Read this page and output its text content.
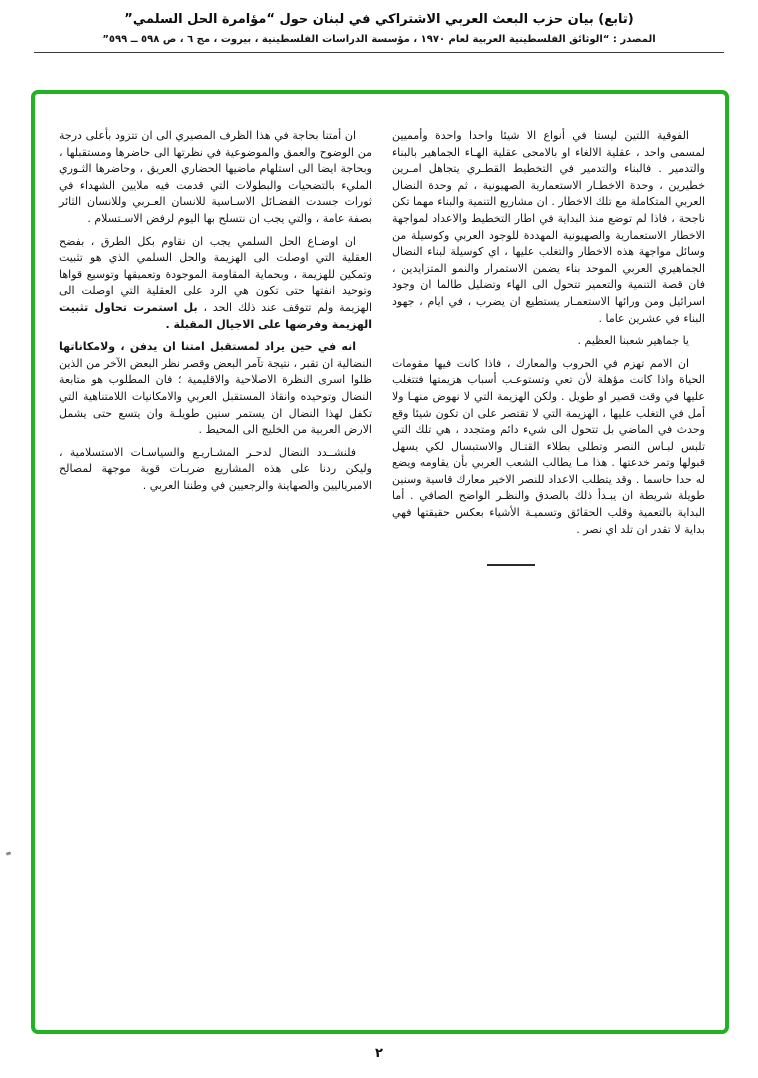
(تابع) بيان حزب البعث العربي الاشتراكي في لبنان حول “مؤامرة الحل السلمي”
المصدر : “الوثائق الفلسطينية العربية لعام ١٩٧٠ ، مؤسسة الدراسات الفلسطينية ، بيروت ، مج ٦ ، ص ٥٩٨ ــ ٥٩٩”

الفوقية اللتين ليستا في أنواع الا شيئا واحدا واحدة وأمميين لمسمى واحد ، عقلية الالغاء او بالامحى عقلية الهـاء الجماهير بالبناء والتدمير . فالبناء والتدمير في التخطيط القطـري يتجاهل امـرين خطيرين ، وحدة الاخطـار الاستعمارية الصهيونية ، ثم وحدة النضال العربي المتكاملة مع تلك الاخطار . ان مشاريع التنمية والبناء مهما تكن ناجحة ، فاذا لم توضع منذ البداية في اطار التخطيط والاعداد لمواجهة الاخطار الاستعمارية والصهيونية المهددة للوجود العربي وكوسيلة من وسائل مواجهة هذه الاخطار والتغلب عليها ، اي كوسيلة لبناء النضال الجماهيري العربي الموحد بناء يضمن الاستمرار والنمو المتزايدين ، فان قصة التنمية والتعمير تتحول الى الهاء وتضليل طالما ان وجود اسرائيل ومن ورائها الاستعمـار يستطيع ان يضرب ، في ايام ، جهود البناء في عشرين عاما .

يا جماهير شعبنا العظيم .

ان الامم تهزم في الحروب والمعارك ، فاذا كانت فيها مقومات الحياة واذا كانت مؤهلة لأن تعي وتستوعـب أسباب هزيمتها فتتغلب عليها في وقت قصير او طويل . ولكن الهزيمة التي لا نهوض منهـا ولا أمل في التغلب عليها ، الهزيمة التي لا تقتصر على ان تكون شيئا وقع وحدث في الماضي بل تتحول الى شيء دائم ومتجدد ، هي تلك التي تلبس لبـاس النصر وتطلى بطلاء القتـال والاستبسال لكي يسهل قبولها وتمر خدعتها . هذا مـا يطالب الشعب العربي بأن يقاومه ويضع له حدا حاسما . وقد يتطلب الاعداد للنصر الاخير معارك قاسية وسنين طويلة شريطة ان يبـدأ ذلك بالصدق والنظـر الواضح الصافي . أما البداية بالتعمية وقلب الحقائق وتسميـة الأشياء بعكس حقيقتها فهي بداية لا تقدر ان تلد اي نصر .

ان أمتنا بحاجة في هذا الظرف المصيري الى ان تتزود بأعلى درجة من الوضوح والعمق والموضوعية في نظرتها الى حاضرها ومستقبلها ، وبحاجة ايضا الى استلهام ماضيها الحضاري العريق ، وحاضرها الثـوري المليء بالتضحيات والبطولات التي قدمت فيه ملايين الشهداء في ثورات جسدت الفضـائل الاسـاسية للانسان العـربي وللانسان الثائر بصفة عامة ، والتي يجب ان نتسلح بها اليوم لرفض الاسـتسلام .

ان اوضـاع الحل السلمي يجب ان نقاوم بكل الطرق ، بفضح العقلية التي اوصلت الى الهزيمة والحل السلمي الذي هو تثبيت وتمكين للهزيمة ، وبحماية المقاومة الموجودة وتعميقها وتوسيع قواها وتوحيد انفتها حتى تكون هي الرد على العقلية التي اوصلت الى الهزيمة ولم تتوقف عند ذلك الحد ، بل استمرت تحاول تثبيت الهزيمة وفرضها على الاجيال المقبلة .

انه في حين يراد لمستقبل امتنا ان يدفن ، ولامكاناتها النضالية ان تقبر ، نتيجة تآمر البعض وقصر نظر البعض الآخر من الذين ظلوا اسرى النظرة الاصلاحية والاقليمية ؛ فان المطلوب هو متابعة النضال وتوحيده وانقاذ المستقبل العربي والامكانيات اللامتناهية التي تكفل لهذا النضال ان يستمر سنين طويلـة وان يتسع حتى يشمل الارض العربية من الخليج الى المحيط .

فلنشــدد النضال لدحـر المشـاريـع والسياسـات الاستسلامية ، وليكن ردنا على هذه المشاريع ضربـات قوية موجهة لمصالح الامبرياليين والصهاينة والرجعيين في وطننا العربي .

٢
